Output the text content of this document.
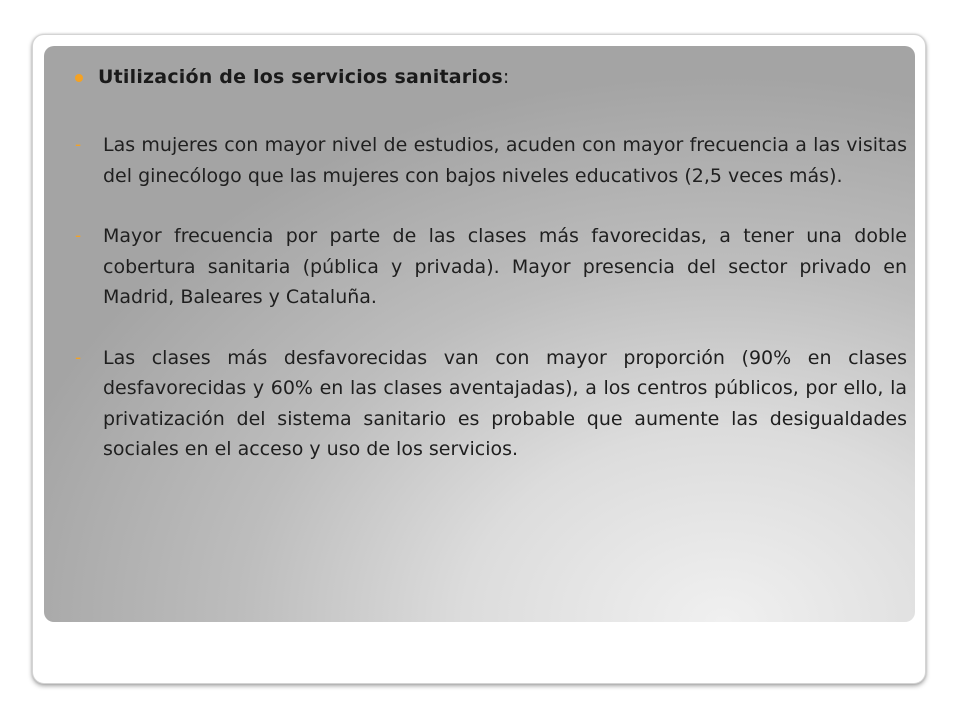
Utilización de los servicios sanitarios:
-	Las mujeres con mayor nivel de estudios, acuden con mayor frecuencia a las visitas del ginecólogo que las mujeres con bajos niveles educativos (2,5 veces más).
-	Mayor frecuencia por parte de las clases más favorecidas, a tener una doble cobertura sanitaria (pública y privada). Mayor presencia del sector privado en Madrid, Baleares y Cataluña.
-	Las clases más desfavorecidas van con mayor proporción (90% en clases desfavorecidas y 60% en las clases aventajadas), a los centros públicos, por ello, la privatización del sistema sanitario es probable que aumente las desigualdades sociales en el acceso y uso de los servicios.
